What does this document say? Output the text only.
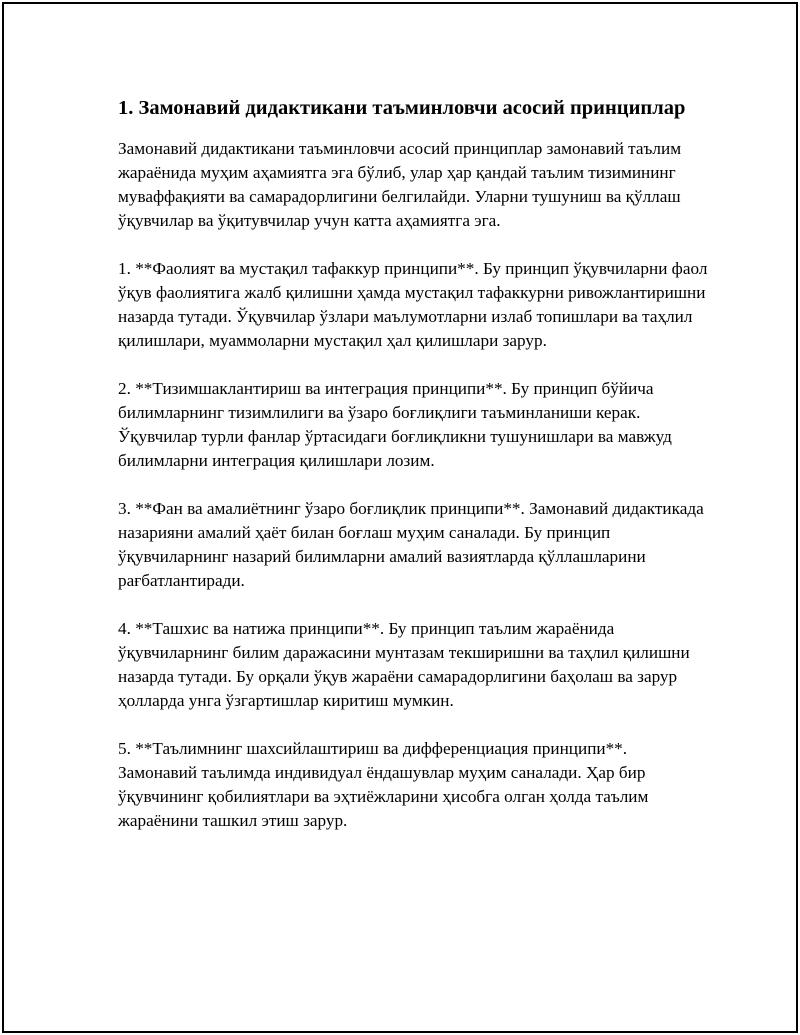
1. Замонавий дидактикани таъминловчи асосий принциплар

Замонавий дидактикани таъминловчи асосий принциплар замонавий таълим жараёнида муҳим аҳамиятга эга бўлиб, улар ҳар қандай таълим тизимининг муваффақияти ва самарадорлигини белгилайди. Уларни тушуниш ва қўллаш ўқувчилар ва ўқитувчилар учун катта аҳамиятга эга.

1. **Фаолият ва мустақил тафаккур принципи**. Бу принцип ўқувчиларни фаол ўқув фаолиятига жалб қилишни ҳамда мустақил тафаккурни ривожлантиришни назарда тутади. Ўқувчилар ўзлари маълумотларни излаб топишлари ва таҳлил қилишлари, муаммоларни мустақил ҳал қилишлари зарур.

2. **Тизимшаклантириш ва интеграция принципи**. Бу принцип бўйича билимларнинг тизимлилиги ва ўзаро боғлиқлиги таъминланиши керак. Ўқувчилар турли фанлар ўртасидаги боғлиқликни тушунишлари ва мавжуд билимларни интеграция қилишлари лозим.

3. **Фан ва амалиётнинг ўзаро боғлиқлик принципи**. Замонавий дидактикада назарияни амалий ҳаёт билан боғлаш муҳим саналади. Бу принцип ўқувчиларнинг назарий билимларни амалий вазиятларда қўллашларини рағбатлантиради.

4. **Ташхис ва натижа принципи**. Бу принцип таълим жараёнида ўқувчиларнинг билим даражасини мунтазам текширишни ва таҳлил қилишни назарда тутади. Бу орқали ўқув жараёни самарадорлигини баҳолаш ва зарур ҳолларда унга ўзгартишлар киритиш мумкин.

5. **Таълимнинг шахсийлаштириш ва дифференциация принципи**. Замонавий таълимда индивидуал ёндашувлар муҳим саналади. Ҳар бир ўқувчининг қобилиятлари ва эҳтиёжларини ҳисобга олган ҳолда таълим жараёнини ташкил этиш зарур.
